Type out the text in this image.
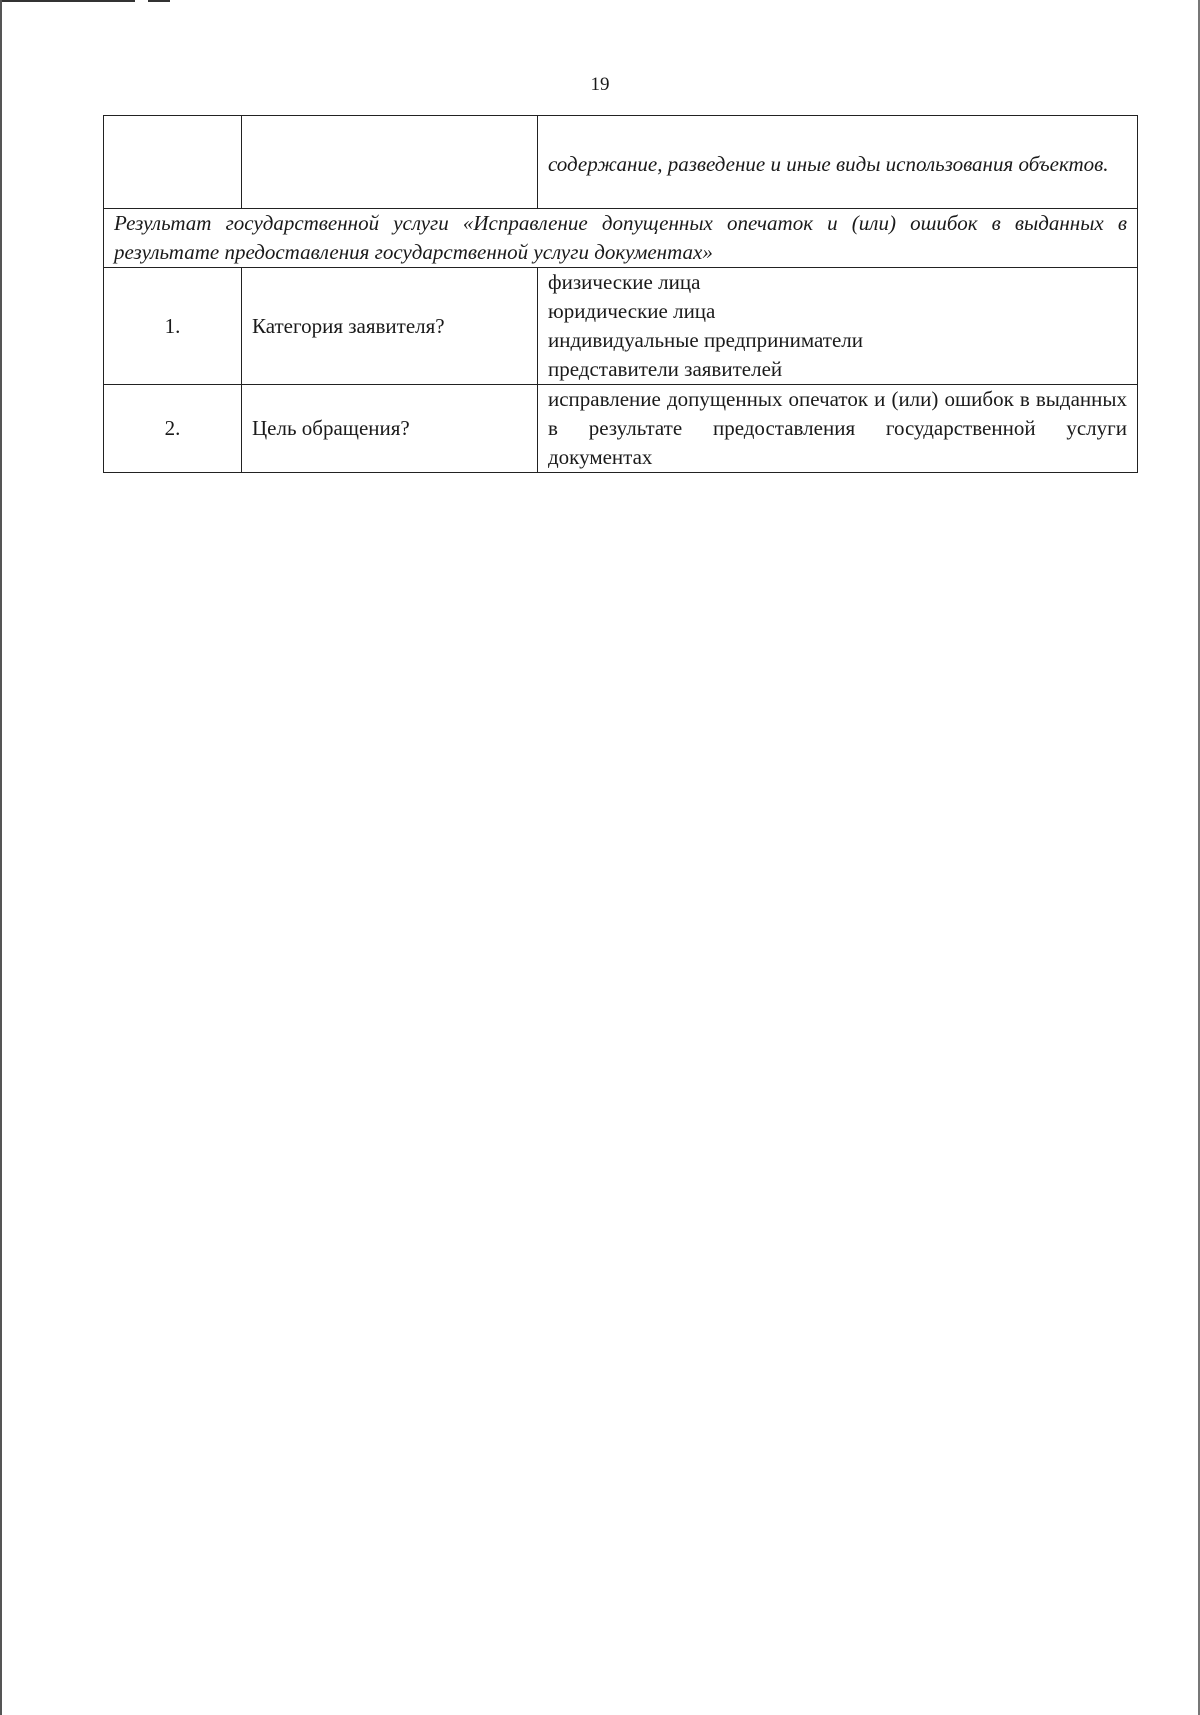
19
		содержание, разведение и иные виды использования объектов.
Результат государственной услуги «Исправление допущенных опечаток и (или) ошибок в выданных в результате предоставления государственной услуги документах»		
1.	Категория заявителя?	физические лица
юридические лица
индивидуальные предприниматели
представители заявителей

2.	Цель обращения?	исправление допущенных опечаток и (или) ошибок в выданных в результате предоставления государственной услуги документах
